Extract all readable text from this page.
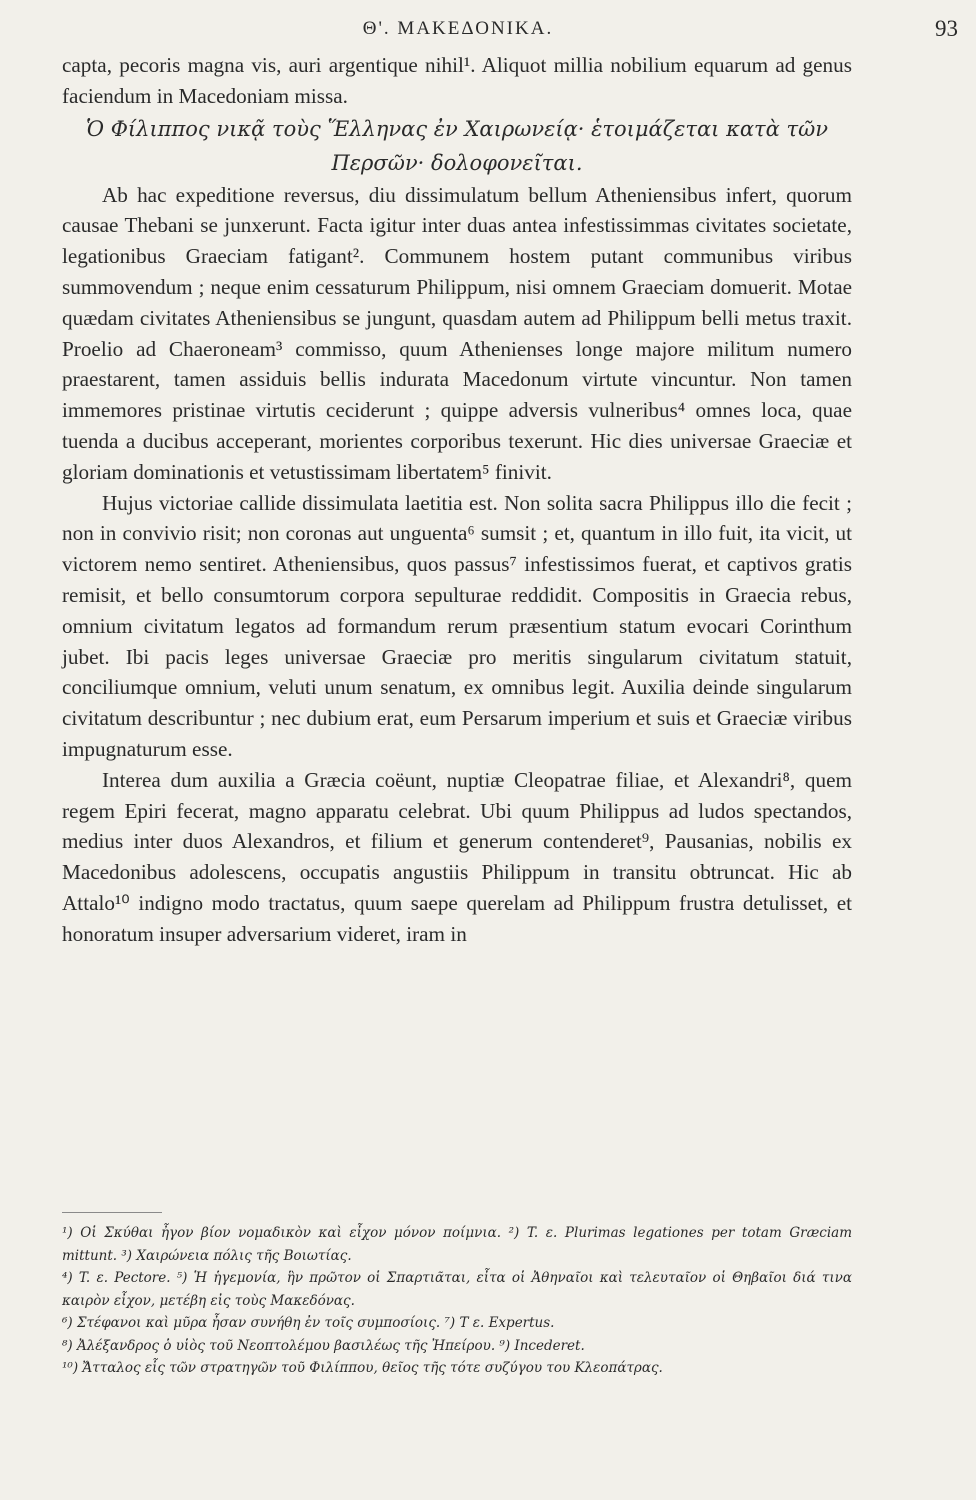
Θ'. ΜΑΚΕΔΟΝΙΚΑ.	93

capta, pecoris magna vis, auri argentique nihil¹. Aliquot millia nobilium equarum ad genus faciendum in Macedoniam missa.

Ὁ Φίλιππος νικᾷ τοὺς Ἕλληνας ἐν Χαιρωνείᾳ· ἑτοιμάζεται κατὰ τῶν Περσῶν· δολοφονεῖται.

Ab hac expeditione reversus, diu dissimulatum bellum Atheniensibus infert, quorum causae Thebani se junxerunt. Facta igitur inter duas antea infestissimmas civitates societate, legationibus Graeciam fatigant². Communem hostem putant communibus viribus summovendum ; neque enim cessaturum Philippum, nisi omnem Graeciam domuerit. Motae quædam civitates Atheniensibus se jungunt, quasdam autem ad Philippum belli metus traxit. Proelio ad Chaeroneam³ commisso, quum Athenienses longe majore militum numero praestarent, tamen assiduis bellis indurata Macedonum virtute vincuntur. Non tamen immemores pristinae virtutis ceciderunt ; quippe adversis vulneribus⁴ omnes loca, quae tuenda a ducibus acceperant, morientes corporibus texerunt. Hic dies universae Graeciæ et gloriam dominationis et vetustissimam libertatem⁵ finivit.

Hujus victoriae callide dissimulata laetitia est. Non solita sacra Philippus illo die fecit ; non in convivio risit; non coronas aut unguenta⁶ sumsit ; et, quantum in illo fuit, ita vicit, ut victorem nemo sentiret. Atheniensibus, quos passus⁷ infestissimos fuerat, et captivos gratis remisit, et bello consumtorum corpora sepulturae reddidit. Compositis in Graecia rebus, omnium civitatum legatos ad formandum rerum præsentium statum evocari Corinthum jubet. Ibi pacis leges universae Graeciæ pro meritis singularum civitatum statuit, conciliumque omnium, veluti unum senatum, ex omnibus legit. Auxilia deinde singularum civitatum describuntur ; nec dubium erat, eum Persarum imperium et suis et Graeciæ viribus impugnaturum esse.

Interea dum auxilia a Græcia coëunt, nuptiæ Cleopatrae filiae, et Alexandri⁸, quem regem Epiri fecerat, magno apparatu celebrat. Ubi quum Philippus ad ludos spectandos, medius inter duos Alexandros, et filium et generum contenderet⁹, Pausanias, nobilis ex Macedonibus adolescens, occupatis angustiis Philippum in transitu obtruncat. Hic ab Attalo¹⁰ indigno modo tractatus, quum saepe querelam ad Philippum frustra detulisset, et honoratum insuper adversarium videret, iram in

¹) Οἱ Σκύθαι ἦγον βίον νομαδικὸν καὶ εἶχον μόνον ποίμνια. ²) T. ε. Plurimas legationes per totam Græciam mittunt. ³) Χαιρώνεια πόλις τῆς Βοιωτίας.

⁴) T. ε. Pectore. ⁵) Ἡ ἡγεμονία, ἣν πρῶτον οἱ Σπαρτιᾶται, εἶτα οἱ Ἀθηναῖοι καὶ τελευταῖον οἱ Θηβαῖοι διά τινα καιρὸν εἶχον, μετέβη εἰς τοὺς Μακεδόνας.

⁶) Στέφανοι καὶ μῦρα ἦσαν συνήθη ἐν τοῖς συμποσίοις. ⁷) T ε. Expertus.

⁸) Ἀλέξανδρος ὁ υἱὸς τοῦ Νεοπτολέμου βασιλέως τῆς Ἠπείρου. ⁹) Incederet.

¹⁰) Ἄτταλος εἷς τῶν στρατηγῶν τοῦ Φιλίππου, θεῖος τῆς τότε συζύγου του Κλεοπάτρας.
